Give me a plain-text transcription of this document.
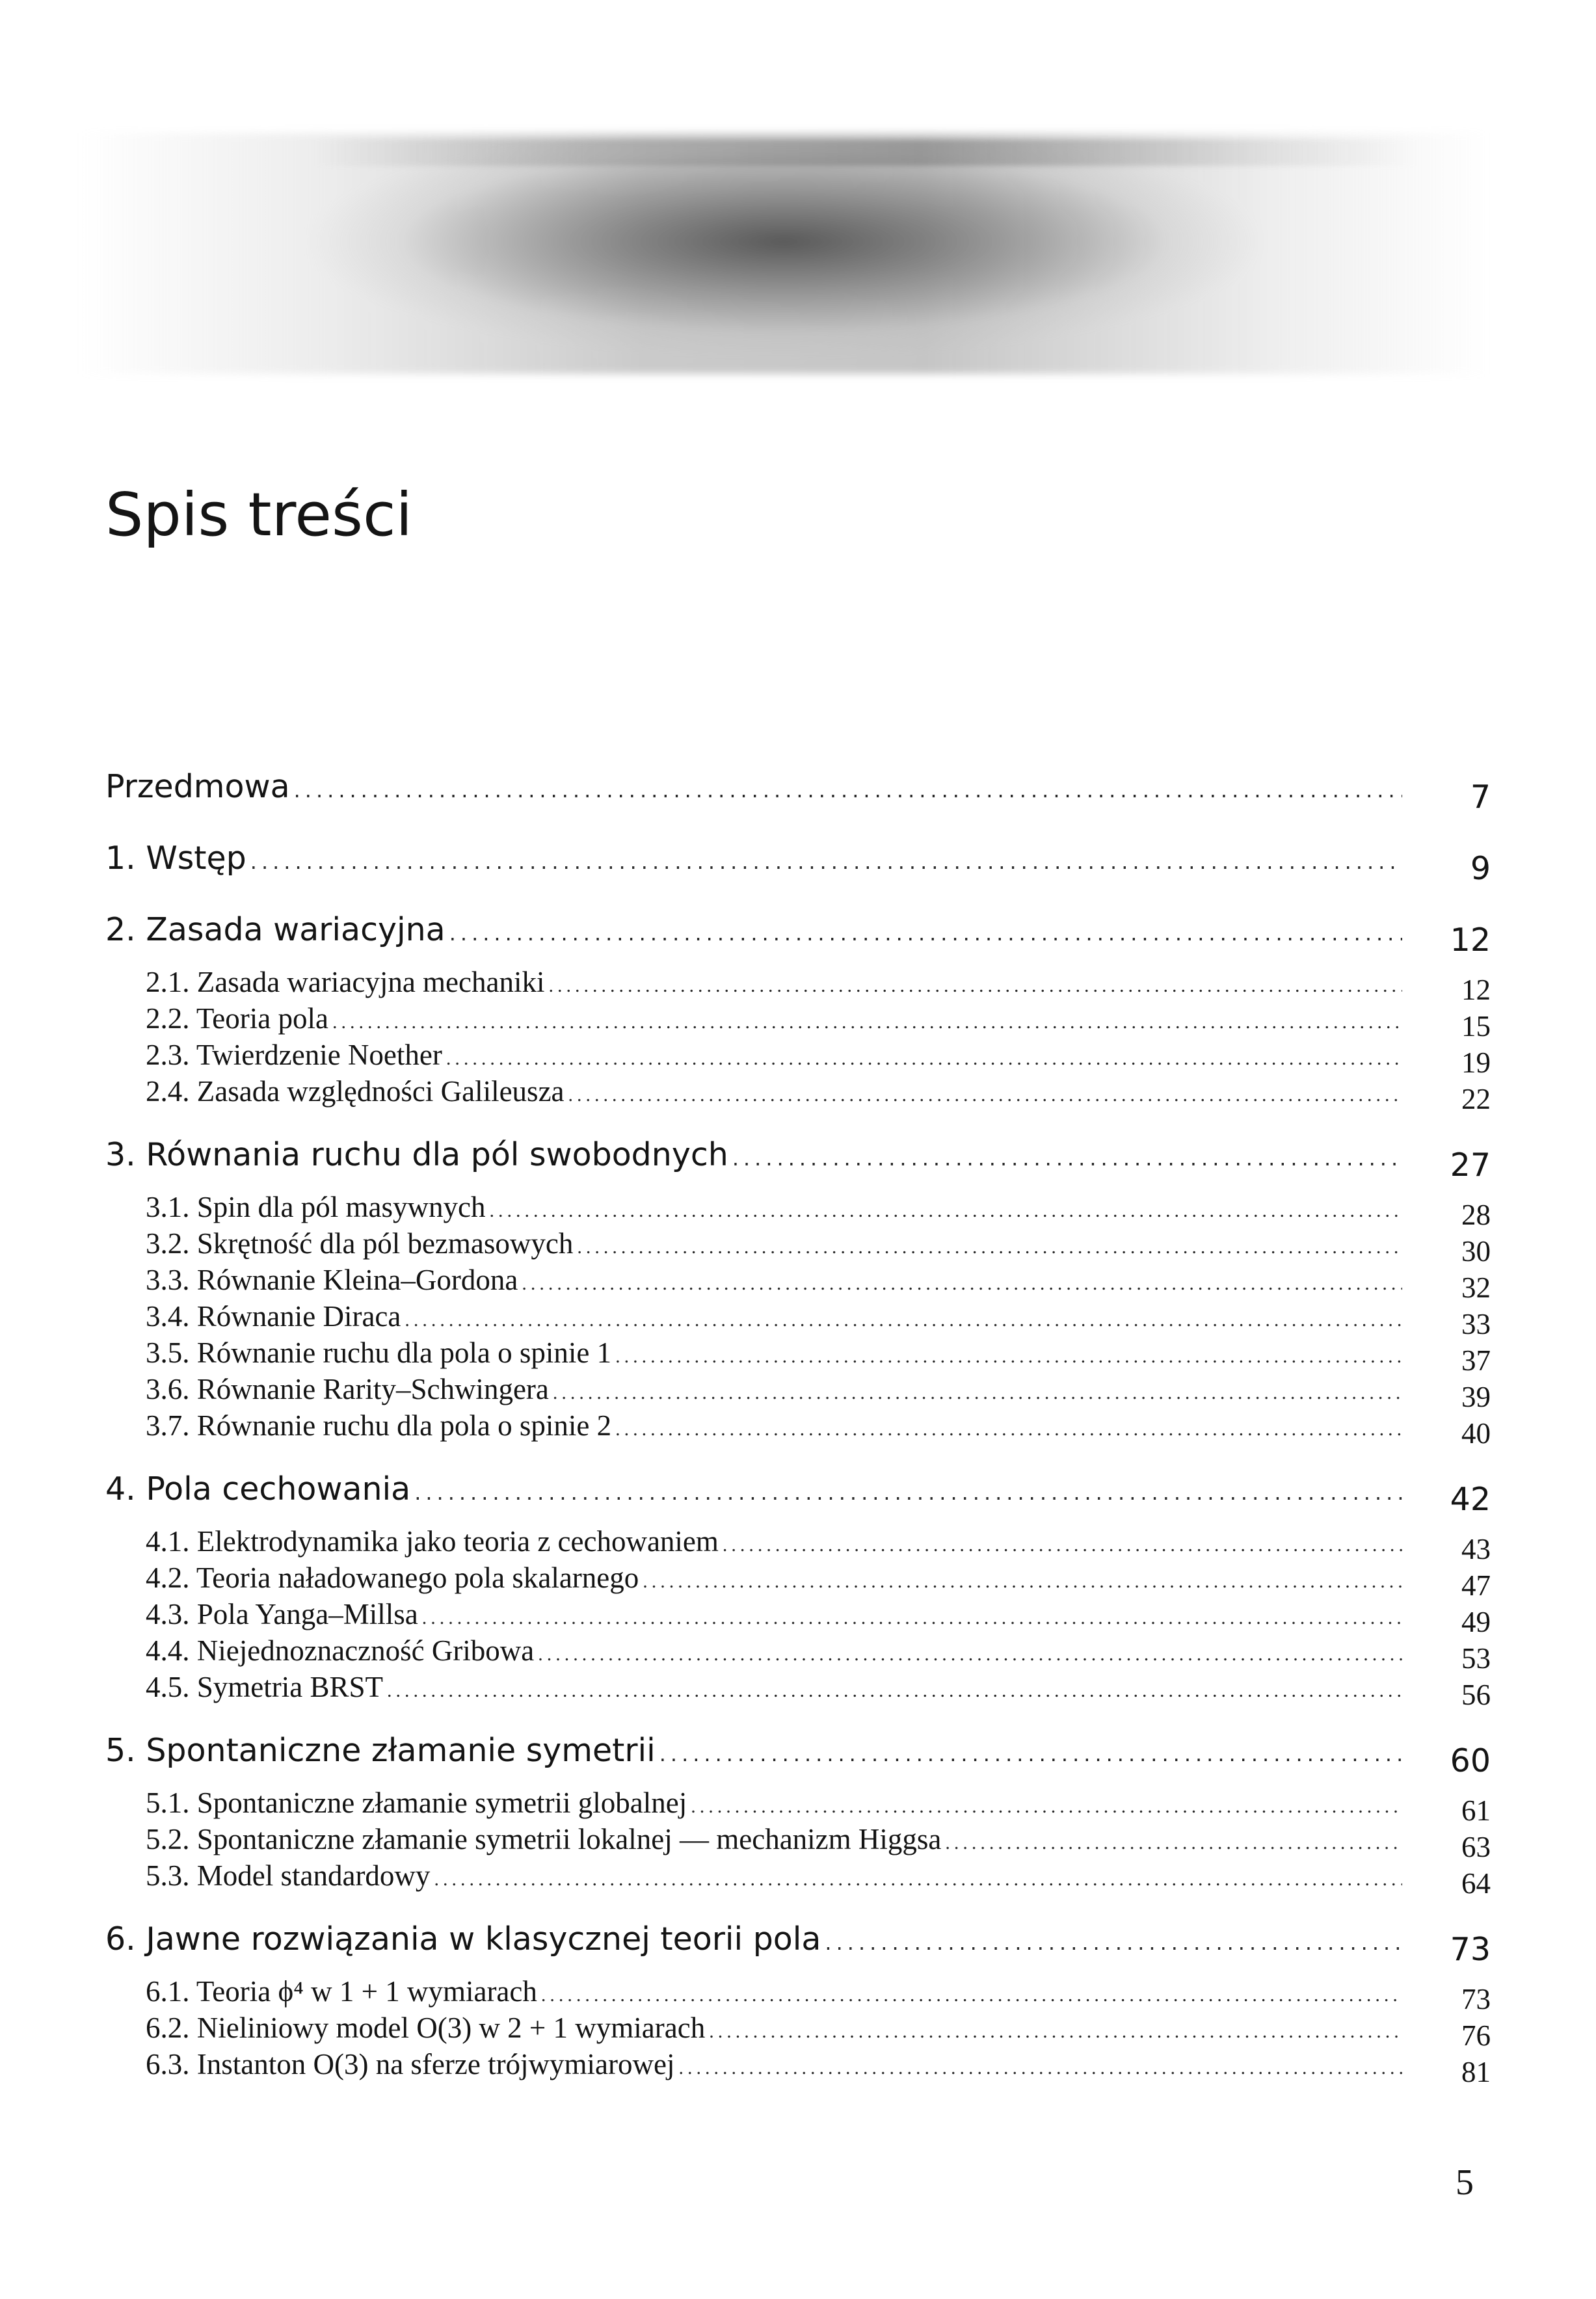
Spis treści
Przedmowa .....	7
1. Wstęp .....	9
2. Zasada wariacyjna .....	12
2.1. Zasada wariacyjna mechaniki .....	12
2.2. Teoria pola .....	15
2.3. Twierdzenie Noether .....	19
2.4. Zasada względności Galileusza .....	22
3. Równania ruchu dla pól swobodnych .....	27
3.1. Spin dla pól masywnych .....	28
3.2. Skrętność dla pól bezmasowych .....	30
3.3. Równanie Kleina–Gordona .....	32
3.4. Równanie Diraca .....	33
3.5. Równanie ruchu dla pola o spinie 1 .....	37
3.6. Równanie Rarity–Schwingera .....	39
3.7. Równanie ruchu dla pola o spinie 2 .....	40
4. Pola cechowania .....	42
4.1. Elektrodynamika jako teoria z cechowaniem .....	43
4.2. Teoria naładowanego pola skalarnego .....	47
4.3. Pola Yanga–Millsa .....	49
4.4. Niejednoznaczność Gribowa .....	53
4.5. Symetria BRST .....	56
5. Spontaniczne złamanie symetrii .....	60
5.1. Spontaniczne złamanie symetrii globalnej .....	61
5.2. Spontaniczne złamanie symetrii lokalnej — mechanizm Higgsa .....	63
5.3. Model standardowy .....	64
6. Jawne rozwiązania w klasycznej teorii pola .....	73
6.1. Teoria ϕ⁴ w 1 + 1 wymiarach .....	73
6.2. Nieliniowy model O(3) w 2 + 1 wymiarach .....	76
6.3. Instanton O(3) na sferze trójwymiarowej .....	81
5
